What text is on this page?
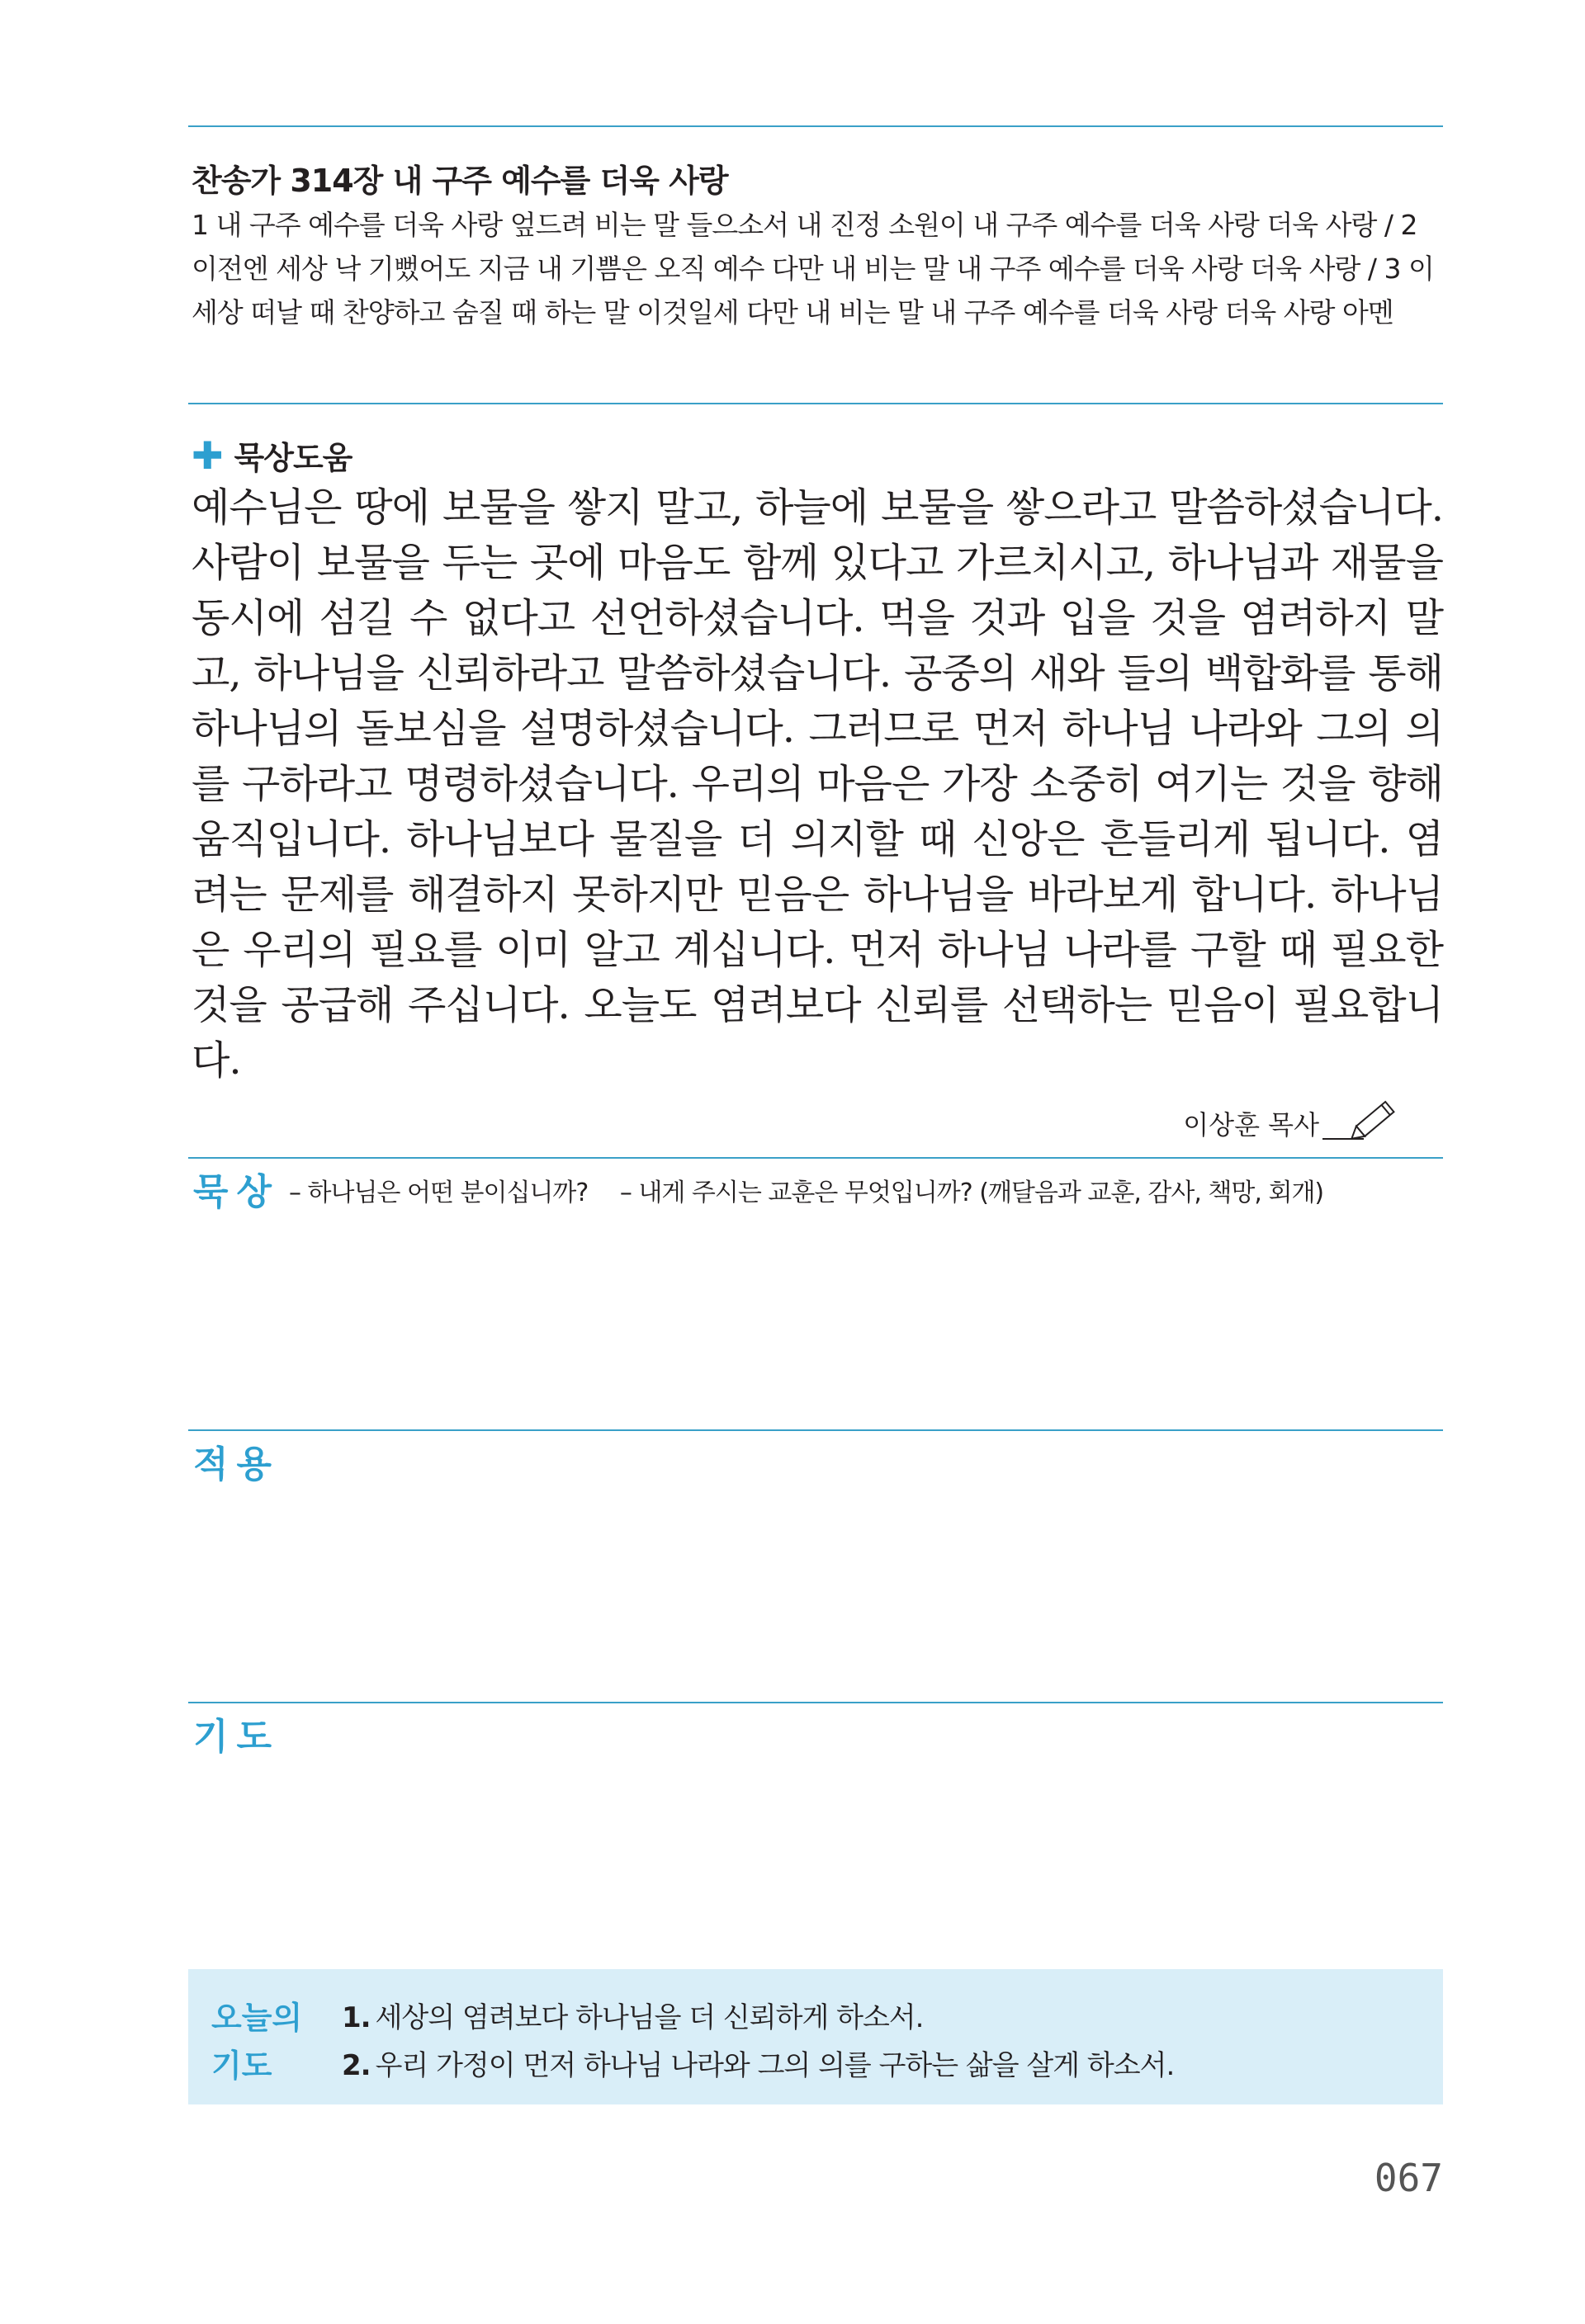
찬송가 314장 내 구주 예수를 더욱 사랑
1 내 구주 예수를 더욱 사랑 엎드려 비는 말 들으소서 내 진정 소원이 내 구주 예수를 더욱 사랑 더욱 사랑 / 2 이전엔 세상 낙 기뻤어도 지금 내 기쁨은 오직 예수 다만 내 비는 말 내 구주 예수를 더욱 사랑 더욱 사랑 / 3 이 세상 떠날 때 찬양하고 숨질 때 하는 말 이것일세 다만 내 비는 말 내 구주 예수를 더욱 사랑 더욱 사랑 아멘
✚ 묵상도움
예수님은 땅에 보물을 쌓지 말고, 하늘에 보물을 쌓으라고 말씀하셨습니다. 사람이 보물을 두는 곳에 마음도 함께 있다고 가르치시고, 하나님과 재물을 동시에 섬길 수 없다고 선언하셨습니다. 먹을 것과 입을 것을 염려하지 말고, 하나님을 신뢰하라고 말씀하셨습니다. 공중의 새와 들의 백합화를 통해 하나님의 돌보심을 설명하셨습니다. 그러므로 먼저 하나님 나라와 그의 의를 구하라고 명령하셨습니다. 우리의 마음은 가장 소중히 여기는 것을 향해 움직입니다. 하나님보다 물질을 더 의지할 때 신앙은 흔들리게 됩니다. 염려는 문제를 해결하지 못하지만 믿음은 하나님을 바라보게 합니다. 하나님은 우리의 필요를 이미 알고 계십니다. 먼저 하나님 나라를 구할 때 필요한 것을 공급해 주십니다. 오늘도 염려보다 신뢰를 선택하는 믿음이 필요합니다.
이상훈 목사
묵상 – 하나님은 어떤 분이십니까? – 내게 주시는 교훈은 무엇입니까? (깨달음과 교훈, 감사, 책망, 회개)
적용
기도
오늘의
기도
1. 세상의 염려보다 하나님을 더 신뢰하게 하소서.
2. 우리 가정이 먼저 하나님 나라와 그의 의를 구하는 삶을 살게 하소서.
067
